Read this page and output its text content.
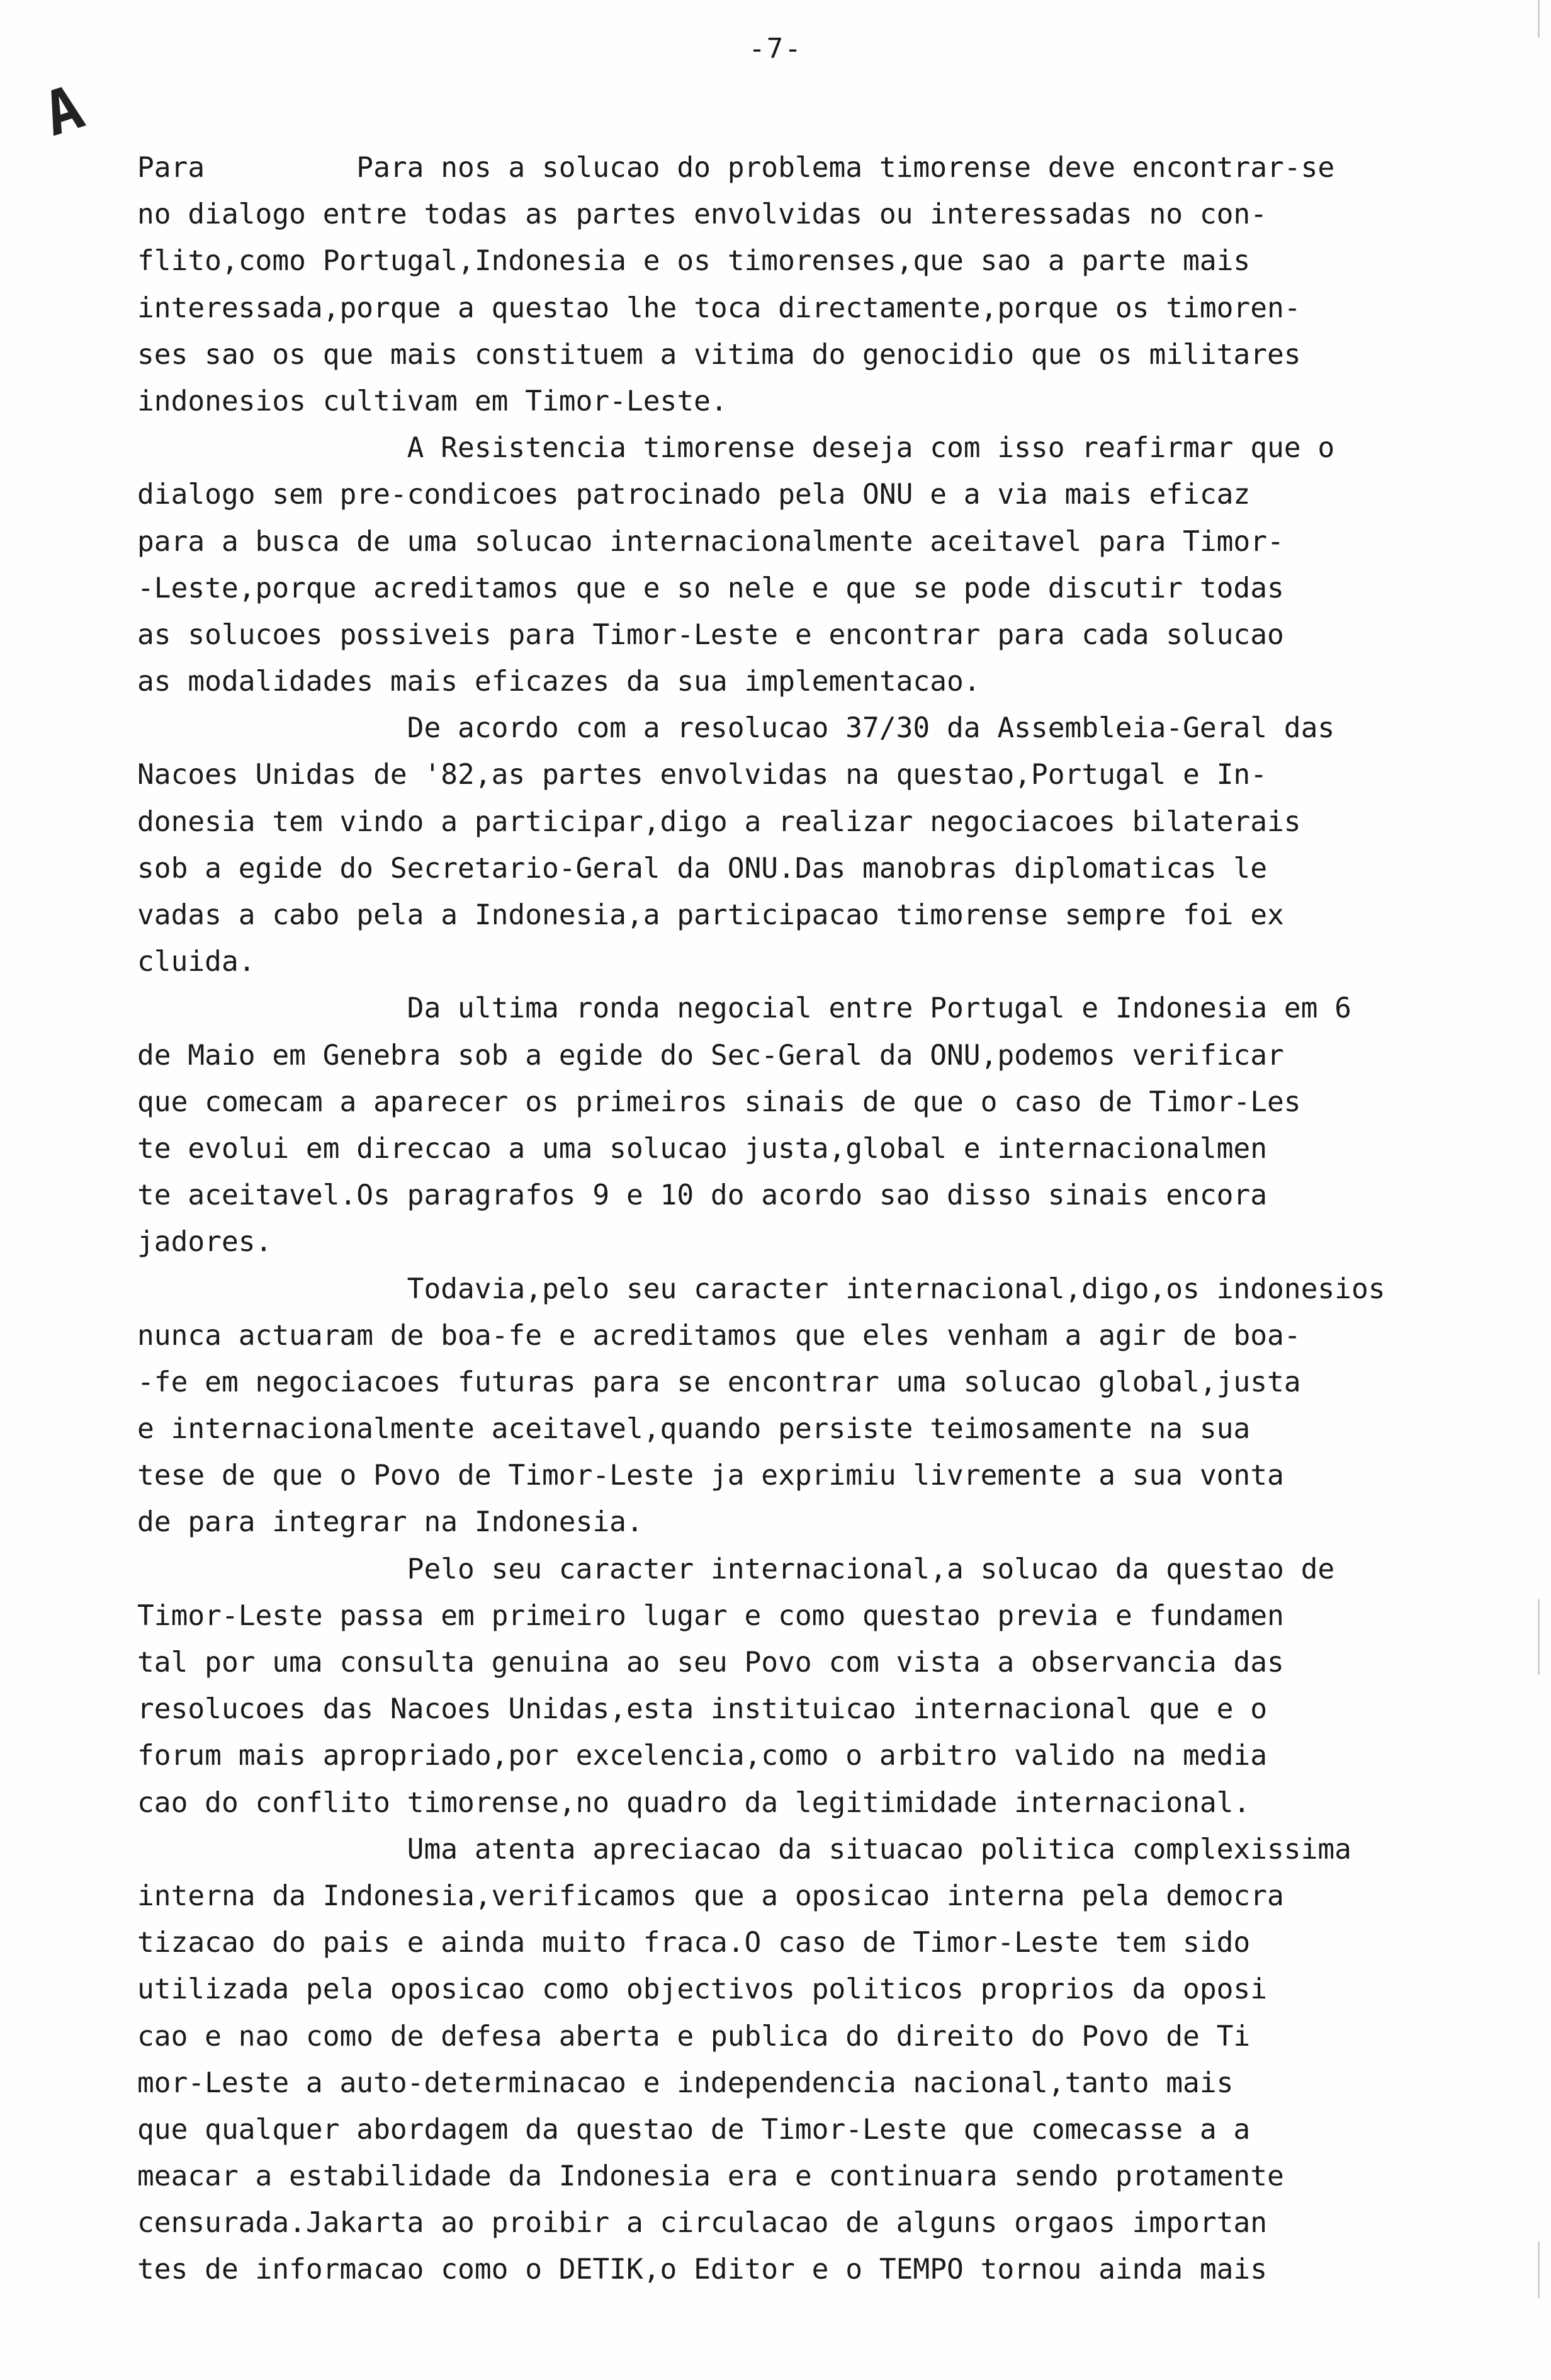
-7-
A
Para         Para nos a solucao do problema timorense deve encontrar-se
no dialogo entre todas as partes envolvidas ou interessadas no con-
flito,como Portugal,Indonesia e os timorenses,que sao a parte mais
interessada,porque a questao lhe toca directamente,porque os timoren-
ses sao os que mais constituem a vitima do genocidio que os militares
indonesios cultivam em Timor-Leste.
A Resistencia timorense deseja com isso reafirmar que o
dialogo sem pre-condicoes patrocinado pela ONU e a via mais eficaz
para a busca de uma solucao internacionalmente aceitavel para Timor-
-Leste,porque acreditamos que e so nele e que se pode discutir todas
as solucoes possiveis para Timor-Leste e encontrar para cada solucao
as modalidades mais eficazes da sua implementacao.
De acordo com a resolucao 37/30 da Assembleia-Geral das
Nacoes Unidas de '82,as partes envolvidas na questao,Portugal e In-
donesia tem vindo a participar,digo a realizar negociacoes bilaterais
sob a egide do Secretario-Geral da ONU.Das manobras diplomaticas le
vadas a cabo pela a Indonesia,a participacao timorense sempre foi ex
cluida.
Da ultima ronda negocial entre Portugal e Indonesia em 6
de Maio em Genebra sob a egide do Sec-Geral da ONU,podemos verificar
que comecam a aparecer os primeiros sinais de que o caso de Timor-Les
te evolui em direccao a uma solucao justa,global e internacionalmen
te aceitavel.Os paragrafos 9 e 10 do acordo sao disso sinais encora
jadores.
Todavia,pelo seu caracter internacional,digo,os indonesios
nunca actuaram de boa-fe e acreditamos que eles venham a agir de boa-
-fe em negociacoes futuras para se encontrar uma solucao global,justa
e internacionalmente aceitavel,quando persiste teimosamente na sua
tese de que o Povo de Timor-Leste ja exprimiu livremente a sua vonta
de para integrar na Indonesia.
Pelo seu caracter internacional,a solucao da questao de
Timor-Leste passa em primeiro lugar e como questao previa e fundamen
tal por uma consulta genuina ao seu Povo com vista a observancia das
resolucoes das Nacoes Unidas,esta instituicao internacional que e o
forum mais apropriado,por excelencia,como o arbitro valido na media
cao do conflito timorense,no quadro da legitimidade internacional.
Uma atenta apreciacao da situacao politica complexissima
interna da Indonesia,verificamos que a oposicao interna pela democra
tizacao do pais e ainda muito fraca.O caso de Timor-Leste tem sido
utilizada pela oposicao como objectivos politicos proprios da oposi
cao e nao como de defesa aberta e publica do direito do Povo de Ti
mor-Leste a auto-determinacao e independencia nacional,tanto mais
que qualquer abordagem da questao de Timor-Leste que comecasse a a
meacar a estabilidade da Indonesia era e continuara sendo protamente
censurada.Jakarta ao proibir a circulacao de alguns orgaos importan
tes de informacao como o DETIK,o Editor e o TEMPO tornou ainda mais
